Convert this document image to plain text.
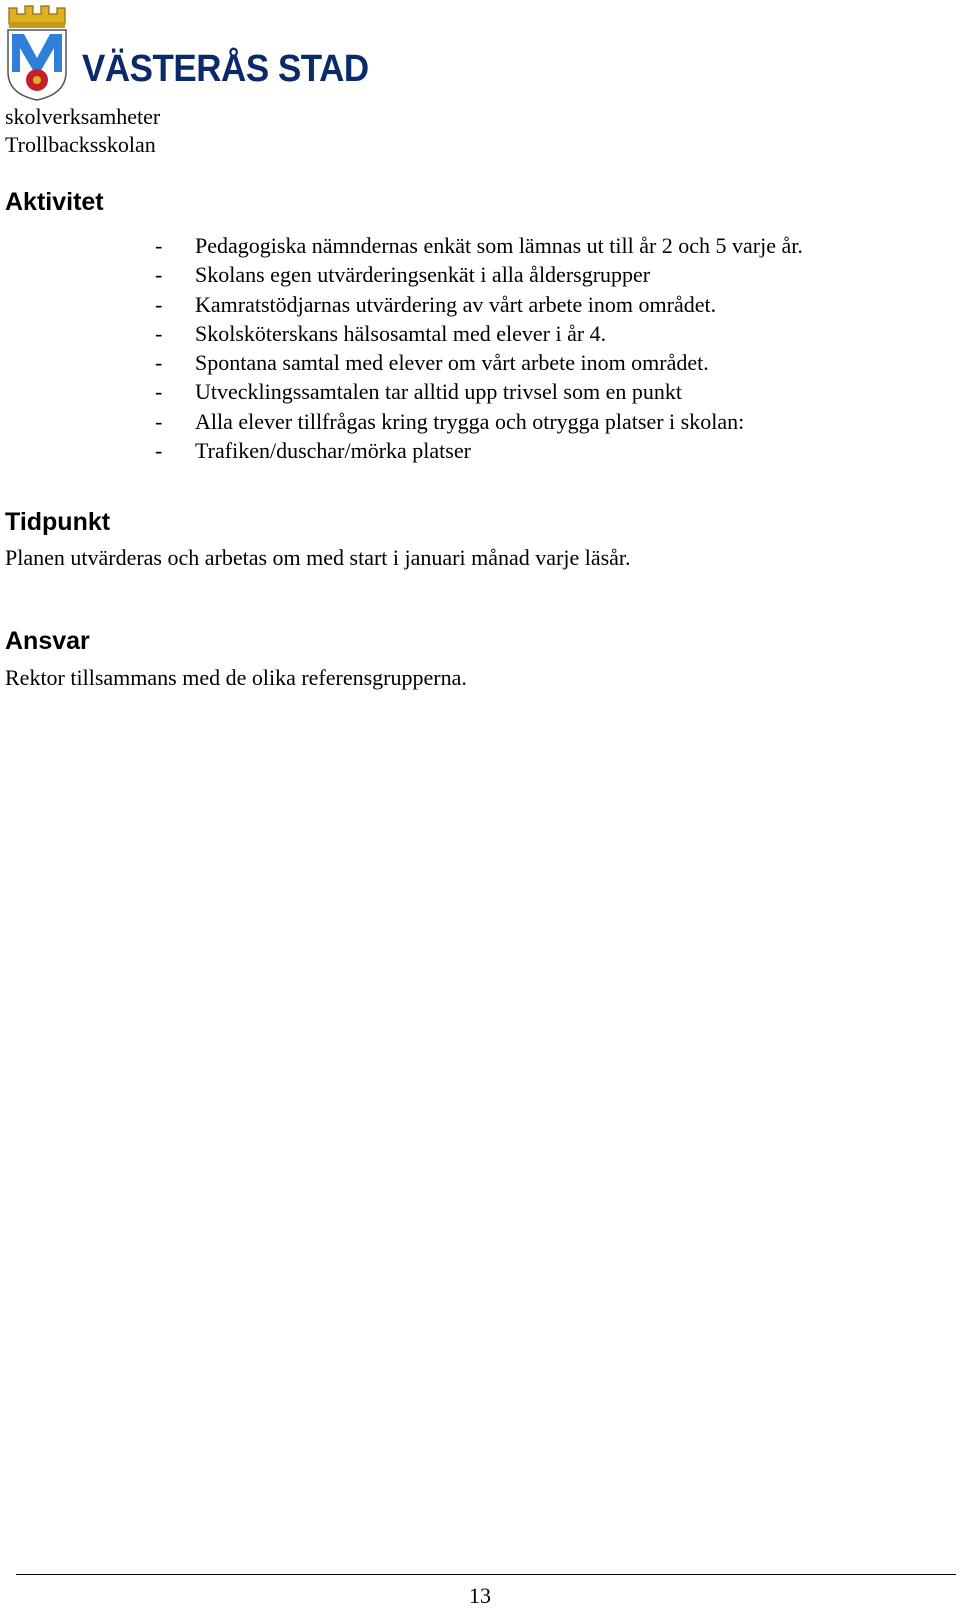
VÄSTERÅS STAD
skolverksamheter
Trollbacksskolan
Aktivitet
- Pedagogiska nämndernas enkät som lämnas ut till år 2 och 5 varje år.
- Skolans egen utvärderingsenkät i alla åldersgrupper
- Kamratstödjarnas utvärdering av vårt arbete inom området.
- Skolsköterskans hälsosamtal med elever i år 4.
- Spontana samtal med elever om vårt arbete inom området.
- Utvecklingssamtalen tar alltid upp trivsel som en punkt
- Alla elever tillfrågas kring trygga och otrygga platser i skolan:
- Trafiken/duschar/mörka platser
Tidpunkt
Planen utvärderas och arbetas om med start i januari månad varje läsår.
Ansvar
Rektor tillsammans med de olika referensgrupperna.
13
